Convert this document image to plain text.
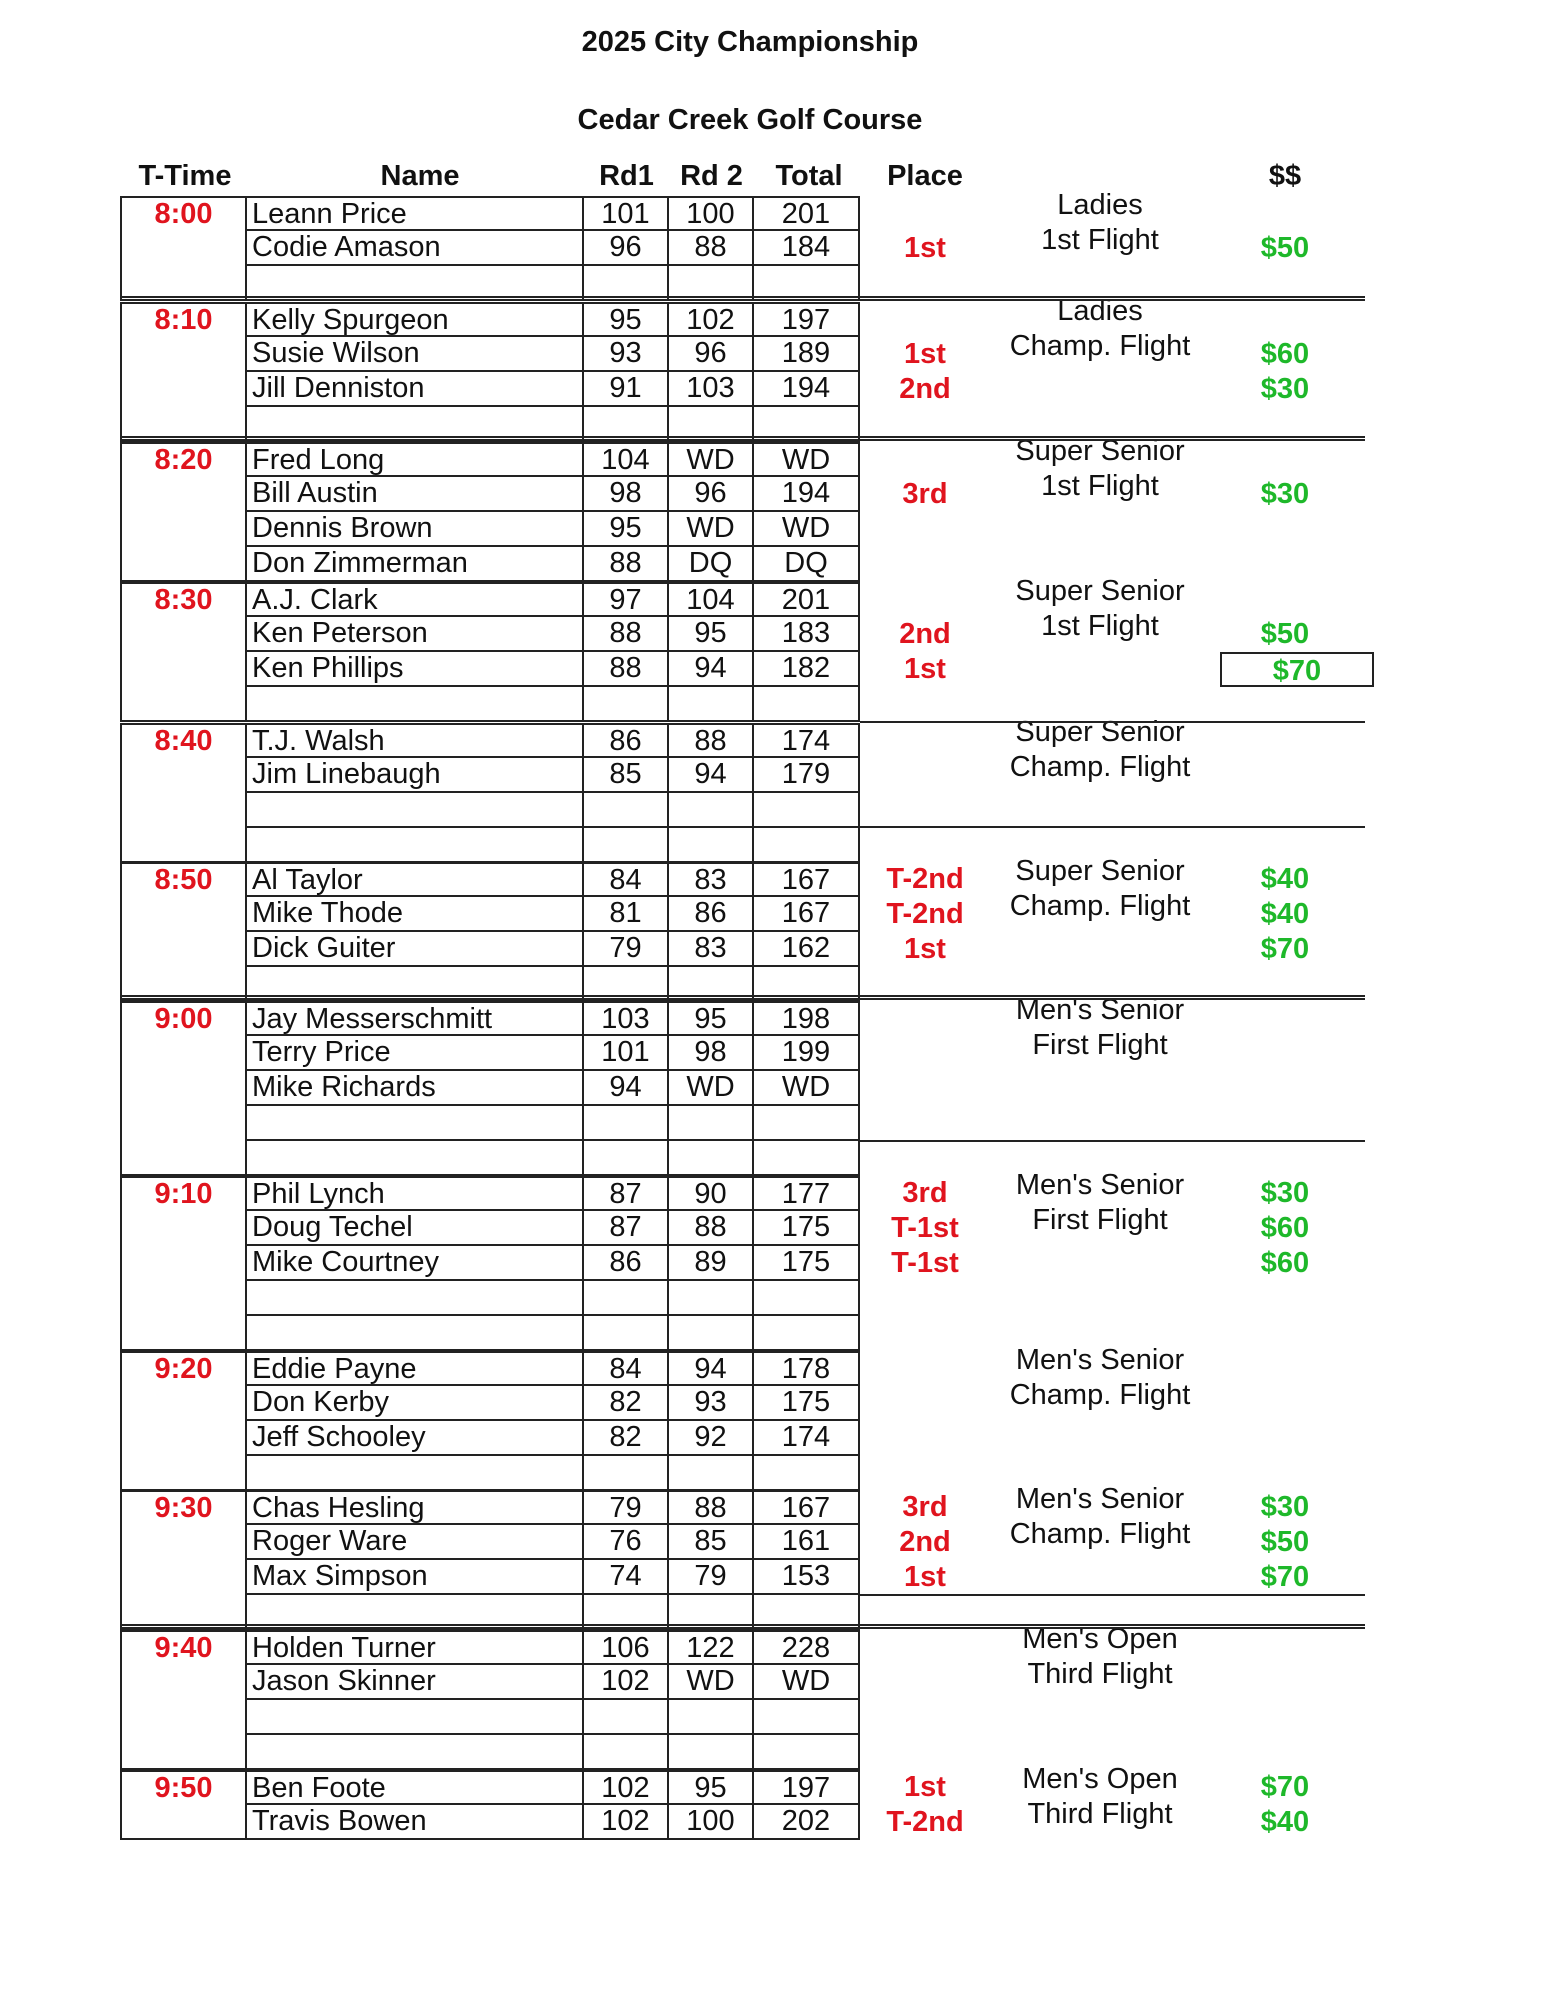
2025 City Championship
Cedar Creek Golf Course
T-Time	Name	Rd1 Rd 2	Total	Place	$$
8:00	Leann Price	101	100	201
Codie Amason	96	88	184	1st	$50
Ladies
1st Flight
8:10	Kelly Spurgeon	95	102	197
Susie Wilson	93	96	189	1st	$60
Jill Denniston	91	103	194	2nd	$30
Ladies
Champ. Flight
8:20	Fred Long	104	WD	WD
Bill Austin	98	96	194	3rd	$30
Dennis Brown	95	WD	WD
Don Zimmerman	88	DQ	DQ
Super Senior
1st Flight
8:30	A.J. Clark	97	104	201
Ken Peterson	88	95	183	2nd	$50
Ken Phillips	88	94	182	1st	$70
Super Senior
1st Flight
8:40	T.J. Walsh	86	88	174
Jim Linebaugh	85	94	179
Super Senior
Champ. Flight
8:50	Al Taylor	84	83	167	T-2nd	$40
Mike Thode	81	86	167	T-2nd	$40
Dick Guiter	79	83	162	1st	$70
Super Senior
Champ. Flight
9:00	Jay Messerschmitt	103	95	198
Terry Price	101	98	199
Mike Richards	94	WD	WD
Men's Senior
First Flight
9:10	Phil Lynch	87	90	177	3rd	$30
Doug Techel	87	88	175	T-1st	$60
Mike Courtney	86	89	175	T-1st	$60
Men's Senior
First Flight
9:20	Eddie Payne	84	94	178
Don Kerby	82	93	175
Jeff Schooley	82	92	174
Men's Senior
Champ. Flight
9:30	Chas Hesling	79	88	167	3rd	$30
Roger Ware	76	85	161	2nd	$50
Max Simpson	74	79	153	1st	$70
Men's Senior
Champ. Flight
9:40	Holden Turner	106	122	228
Jason Skinner	102	WD	WD
Men's Open
Third Flight
9:50	Ben Foote	102	95	197	1st	$70
Travis Bowen	102	100	202	T-2nd	$40
Men's Open
Third Flight
